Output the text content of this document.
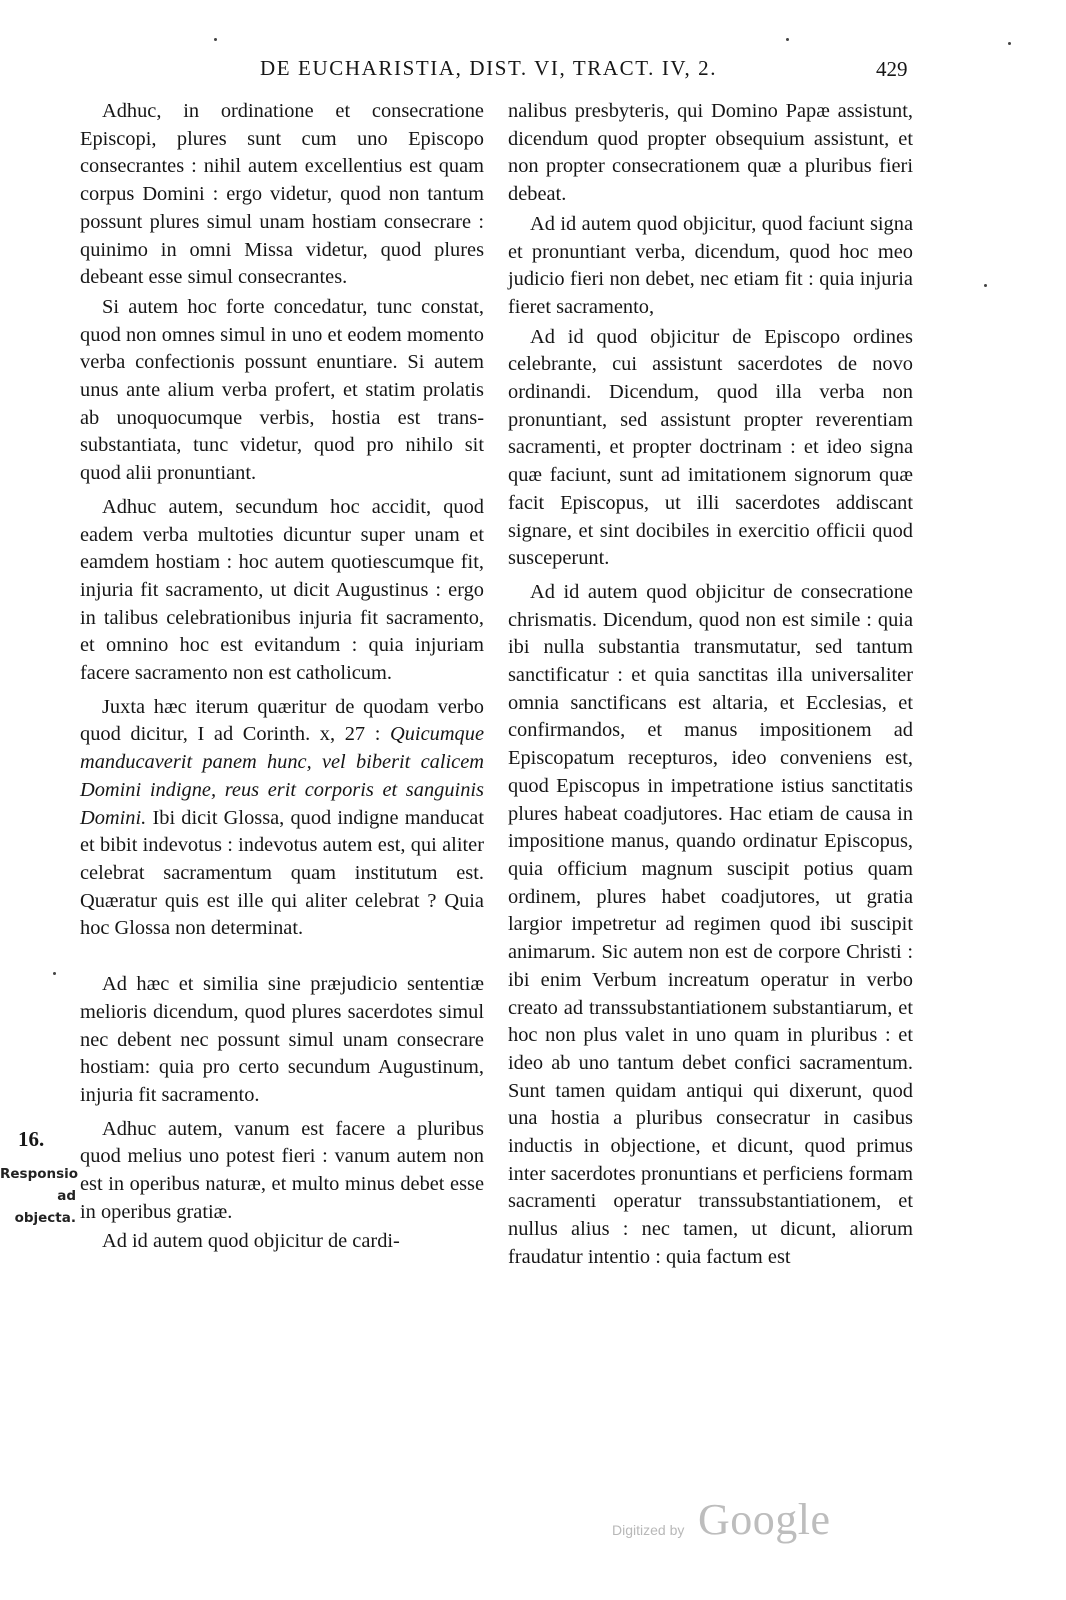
DE EUCHARISTIA, DIST. VI, TRACT. IV, 2.	429

Adhuc, in ordinatione et consecratione Episcopi, plures sunt cum uno Episcopo consecrantes : nihil autem excellentius est quam corpus Domini : ergo videtur, quod non tantum possunt plures simul unam hostiam consecrare : quinimo in omni Missa videtur, quod plures debeant esse simul consecrantes.

Si autem hoc forte concedatur, tunc constat, quod non omnes simul in uno et eodem momento verba confectionis possunt enuntiare. Si autem unus ante alium verba profert, et statim prolatis ab unoquocumque verbis, hostia est transsubstantiata, tunc videtur, quod pro nihilo sit quod alii pronuntiant.

Adhuc autem, secundum hoc accidit, quod eadem verba multoties dicuntur super unam et eamdem hostiam : hoc autem quotiescumque fit, injuria fit sacramento, ut dicit Augustinus : ergo in talibus celebrationibus injuria fit sacramento, et omnino hoc est evitandum : quia injuriam facere sacramento non est catholicum.

Juxta hæc iterum quæritur de quodam verbo quod dicitur, I ad Corinth. x, 27 : Quicumque manducaverit panem hunc, vel biberit calicem Domini indigne, reus erit corporis et sanguinis Domini. Ibi dicit Glossa, quod indigne manducat et bibit indevotus : indevotus autem est, qui aliter celebrat sacramentum quam institutum est. Quæratur quis est ille qui aliter celebrat ? Quia hoc Glossa non determinat.

Ad hæc et similia sine præjudicio sententiæ melioris dicendum, quod plures sacerdotes simul nec debent nec possunt simul unam consecrare hostiam: quia pro certo secundum Augustinum, injuria fit sacramento.

Adhuc autem, vanum est facere a pluribus quod melius uno potest fieri : vanum autem non est in operibus naturæ, et multo minus debet esse in operibus gratiæ.

Ad id autem quod objicitur de cardi-

nalibus presbyteris, qui Domino Papæ assistunt, dicendum quod propter obsequium assistunt, et non propter consecrationem quæ a pluribus fieri debeat.

Ad id autem quod objicitur, quod faciunt signa et pronuntiant verba, dicendum, quod hoc meo judicio fieri non debet, nec etiam fit : quia injuria fieret sacramento,

Ad id quod objicitur de Episcopo ordines celebrante, cui assistunt sacerdotes de novo ordinandi. Dicendum, quod illa verba non pronuntiant, sed assistunt propter reverentiam sacramenti, et propter doctrinam : et ideo signa quæ faciunt, sunt ad imitationem signorum quæ facit Episcopus, ut illi sacerdotes addiscant signare, et sint docibiles in exercitio officii quod susceperunt.

Ad id autem quod objicitur de consecratione chrismatis. Dicendum, quod non est simile : quia ibi nulla substantia transmutatur, sed tantum sanctificatur : et quia sanctitas illa universaliter omnia sanctificans est altaria, et Ecclesias, et confirmandos, et manus impositionem ad Episcopatum recepturos, ideo conveniens est, quod Episcopus in impetratione istius sanctitatis plures habeat coadjutores. Hac etiam de causa in impositione manus, quando ordinatur Episcopus, quia officium magnum suscipit potius quam ordinem, plures habet coadjutores, ut gratia largior impetretur ad regimen quod ibi suscipit animarum. Sic autem non est de corpore Christi : ibi enim Verbum increatum operatur in verbo creato ad transsubstantiationem substantiarum, et hoc non plus valet in uno quam in pluribus : et ideo ab uno tantum debet confici sacramentum. Sunt tamen quidam antiqui qui dixerunt, quod una hostia a pluribus consecratur in casibus inductis in objectione, et dicunt, quod primus inter sacerdotes pronuntians et perficiens formam sacramenti operatur transsubstantiationem, et nullus alius : nec tamen, ut dicunt, aliorum fraudatur intentio : quia factum est

16.
Responsio ad objecta.
Digitized by Google
